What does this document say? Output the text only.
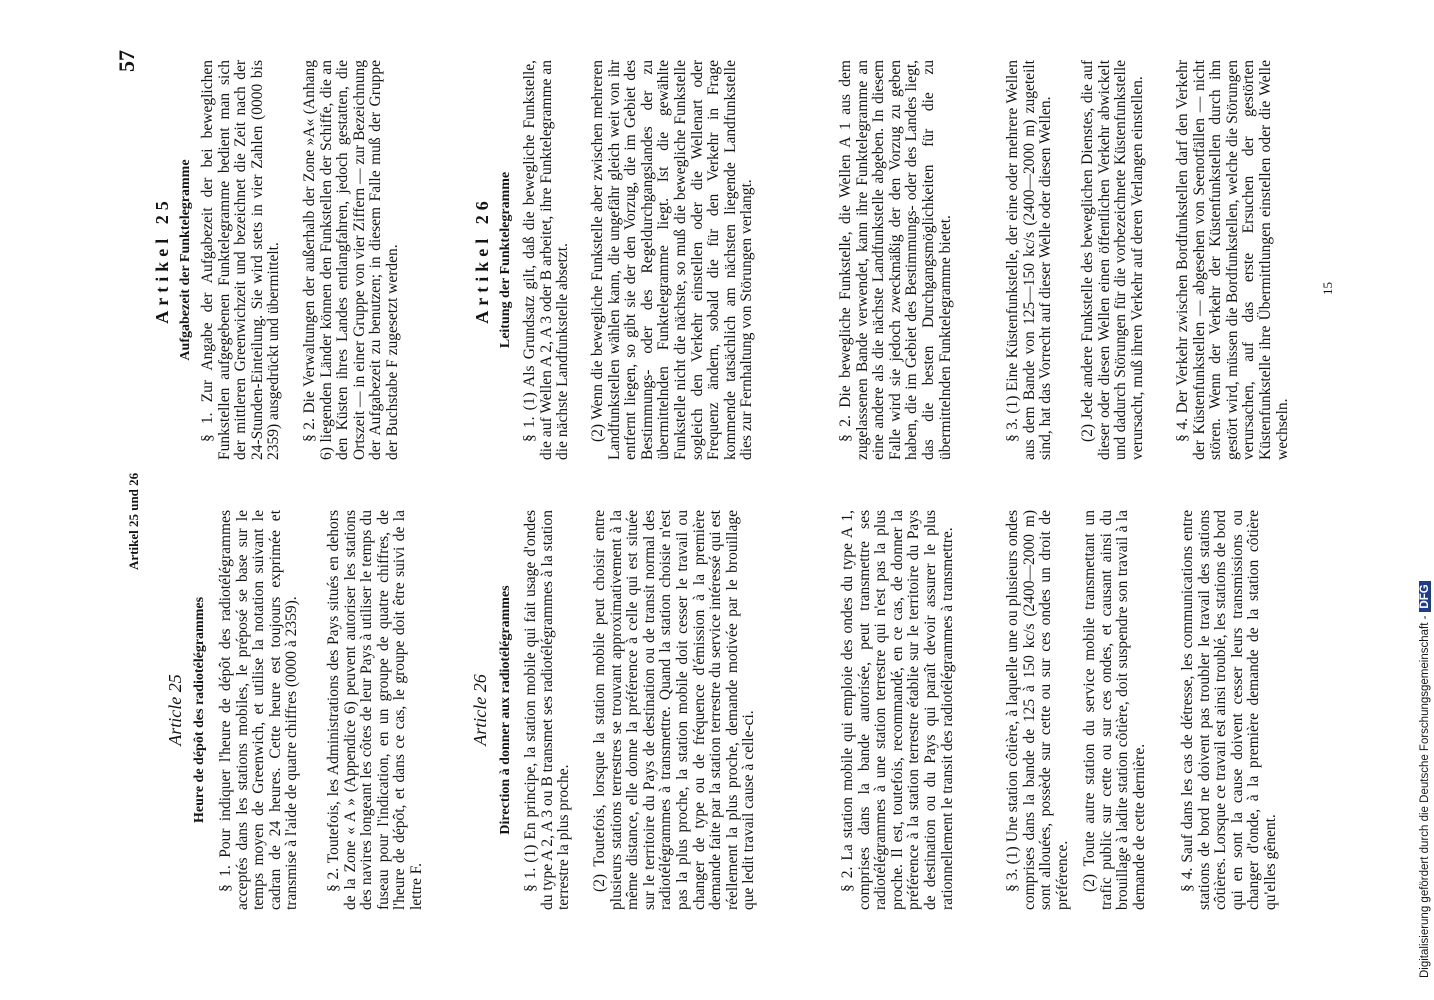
Artikel 25 und 26
57
Article 25 Heure de dépôt des radiotélégrammes § 1. Pour indiquer l'heure de dépôt des radiotélégrammes acceptés dans les stations mobiles, le préposé se base sur le temps moyen de Greenwich, et utilise la notation suivant le cadran de 24 heures. Cette heure est toujours exprimée et transmise à l'aide de quatre chiffres (0000 à 2359). § 2. Toutefois, les Administrations des Pays situés en dehors de la Zone « A » (Appendice 6) peuvent autoriser les stations des navires longeant les côtes de leur Pays à utiliser le temps du fuseau pour l'indication, en un groupe de quatre chiffres, de l'heure de dépôt, et dans ce cas, le groupe doit être suivi de la lettre F.

Article 26 Direction à donner aux radiotélégrammes § 1. (1) En principe, la station mobile qui fait usage d'ondes du type A 2, A 3 ou B transmet ses radiotélégrammes à la station terrestre la plus proche. (2) Toutefois, lorsque la station mobile peut choisir entre plusieurs stations terrestres se trouvant approximativement à la même distance, elle donne la préférence à celle qui est située sur le territoire du Pays de destination ou de transit normal des radiotélégrammes à transmettre. Quand la station choisie n'est pas la plus proche, la station mobile doit cesser le travail ou changer de type ou de fréquence d'émission à la première demande faite par la station terrestre du service intéressé qui est réellement la plus proche, demande motivée par le brouillage que ledit travail cause à celle-ci.	§ 2. La station mobile qui emploie des ondes du type A 1, comprises dans la bande autorisée, peut transmettre ses radiotélégrammes à une station terrestre qui n'est pas la plus proche. Il est, toutefois, recommandé, en ce cas, de donner la préférence à la station terrestre établie sur le territoire du Pays de destination ou du Pays qui paraît devoir assurer le plus rationnellement le transit des radiotélégrammes à transmettre.	§ 3. (1) Une station côtière, à laquelle une ou plusieurs ondes comprises dans la bande de 125 à 150 kc/s (2400—2000 m) sont allouées, possède sur cette ou sur ces ondes un droit de préférence. (2) Toute autre station du service mobile transmettant un trafic public sur cette ou sur ces ondes, et causant ainsi du brouillage à ladite station côtière, doit suspendre son travail à la demande de cette dernière. § 4. Sauf dans les cas de détresse, les communications entre stations de bord ne doivent pas troubler le travail des stations côtières. Lorsque ce travail est ainsi troublé, les stations de bord qui en sont la cause doivent cesser leurs transmissions ou changer d'onde, à la première demande de la station côtière qu'elles gênent.

Artikel 25 Aufgabezeit der Funktelegramme § 1. Zur Angabe der Aufgabezeit der bei beweglichen Funkstellen aufgegebenen Funktelegramme bedient man sich der mittleren Greenwichzeit und bezeichnet die Zeit nach der 24-Stunden-Einteilung. Sie wird stets in vier Zahlen (0000 bis 2359) ausgedrückt und übermittelt. § 2. Die Verwaltungen der außerhalb der Zone »A« (Anhang 6) liegenden Länder können den Funkstellen der Schiffe, die an den Küsten ihres Landes entlangfahren, jedoch gestatten, die Ortszeit — in einer Gruppe von vier Ziffern — zur Bezeichnung der Aufgabezeit zu benutzen; in diesem Falle muß der Gruppe der Buchstabe F zugesetzt werden.	Artikel 26 Leitung der Funktelegramme § 1. (1) Als Grundsatz gilt, daß die bewegliche Funkstelle, die auf Wellen A 2, A 3 oder B arbeitet, ihre Funktelegramme an die nächste Landfunkstelle absetzt. (2) Wenn die bewegliche Funkstelle aber zwischen mehreren Landfunkstellen wählen kann, die ungefähr gleich weit von ihr entfernt liegen, so gibt sie der den Vorzug, die im Gebiet des Bestimmungs- oder des Regeldurchgangslandes der zu übermittelnden Funktelegramme liegt. Ist die gewählte Funkstelle nicht die nächste, so muß die bewegliche Funkstelle sogleich den Verkehr einstellen oder die Wellenart oder Frequenz ändern, sobald die für den Verkehr in Frage kommende tatsächlich am nächsten liegende Landfunkstelle dies zur Fernhaltung von Störungen verlangt.	§ 2. Die bewegliche Funkstelle, die Wellen A 1 aus dem zugelassenen Bande verwendet, kann ihre Funktelegramme an eine andere als die nächste Landfunkstelle abgeben. In diesem Falle wird sie jedoch zweckmäßig der den Vorzug zu geben haben, die im Gebiet des Bestimmungs- oder des Landes liegt, das die besten Durchgangsmöglichkeiten für die zu übermittelnden Funktelegramme bietet.	§ 3. (1) Eine Küstenfunkstelle, der eine oder mehrere Wellen aus dem Bande von 125—150 kc/s (2400—2000 m) zugeteilt sind, hat das Vorrecht auf dieser Welle oder diesen Wellen. (2) Jede andere Funkstelle des beweglichen Dienstes, die auf dieser oder diesen Wellen einen öffentlichen Verkehr abwickelt und dadurch Störungen für die vorbezeichnete Küstenfunkstelle verursacht, muß ihren Verkehr auf deren Verlangen einstellen. § 4. Der Verkehr zwischen Bordfunkstellen darf den Verkehr der Küstenfunkstellen — abgesehen von Seenotfällen — nicht stören. Wenn der Verkehr der Küstenfunkstellen durch ihn gestört wird, müssen die Bordfunkstellen, welche die Störungen verursachen, auf das erste Ersuchen der gestörten Küstenfunkstelle ihre Übermittlungen einstellen oder die Welle wechseln.

15
Digitalisierung gefördert durch die Deutsche Forschungsgemeinschaft -DFG
